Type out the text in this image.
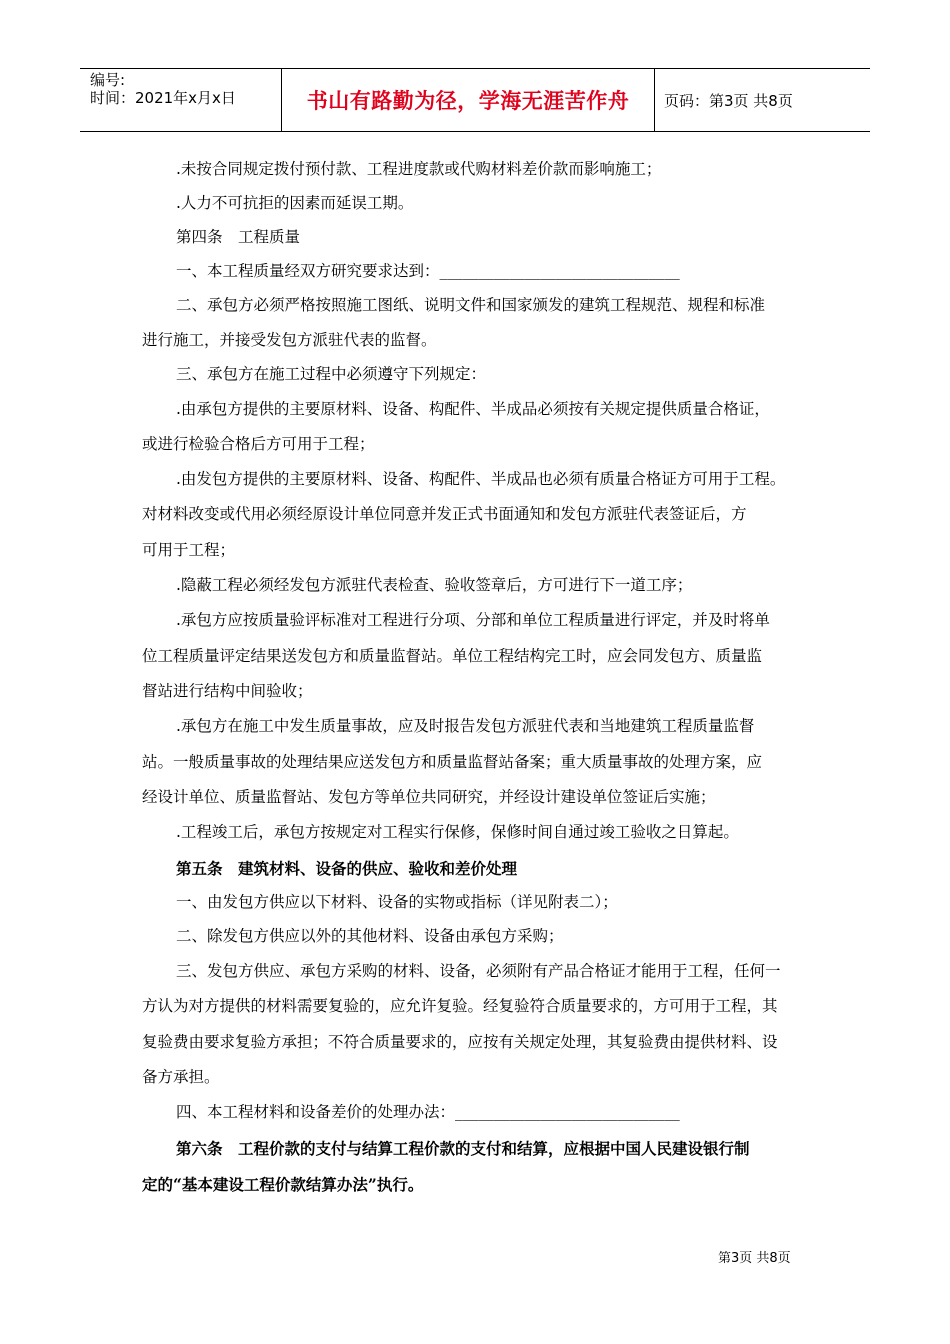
编号:
时间：2021年x月x日	书山有路勤为径，学海无涯苦作舟 页码：第3页 共8页
.未按合同规定拨付预付款、工程进度款或代购材料差价款而影响施工；
.人力不可抗拒的因素而延误工期。
第四条　工程质量
一、本工程质量经双方研究要求达到：_______________________________
二、承包方必须严格按照施工图纸、说明文件和国家颁发的建筑工程规范、规程和标准
进行施工，并接受发包方派驻代表的监督。
三、承包方在施工过程中必须遵守下列规定：
.由承包方提供的主要原材料、设备、构配件、半成品必须按有关规定提供质量合格证，
或进行检验合格后方可用于工程；
.由发包方提供的主要原材料、设备、构配件、半成品也必须有质量合格证方可用于工程。
对材料改变或代用必须经原设计单位同意并发正式书面通知和发包方派驻代表签证后，方
可用于工程；
.隐蔽工程必须经发包方派驻代表检查、验收签章后，方可进行下一道工序；
.承包方应按质量验评标准对工程进行分项、分部和单位工程质量进行评定，并及时将单
位工程质量评定结果送发包方和质量监督站。单位工程结构完工时，应会同发包方、质量监
督站进行结构中间验收；
.承包方在施工中发生质量事故，应及时报告发包方派驻代表和当地建筑工程质量监督
站。一般质量事故的处理结果应送发包方和质量监督站备案；重大质量事故的处理方案，应
经设计单位、质量监督站、发包方等单位共同研究，并经设计建设单位签证后实施；
.工程竣工后，承包方按规定对工程实行保修，保修时间自通过竣工验收之日算起。
第五条　建筑材料、设备的供应、验收和差价处理
一、由发包方供应以下材料、设备的实物或指标（详见附表二）；
二、除发包方供应以外的其他材料、设备由承包方采购；
三、发包方供应、承包方采购的材料、设备，必须附有产品合格证才能用于工程，任何一
方认为对方提供的材料需要复验的，应允许复验。经复验符合质量要求的，方可用于工程，其
复验费由要求复验方承担；不符合质量要求的，应按有关规定处理，其复验费由提供材料、设
备方承担。
四、本工程材料和设备差价的处理办法：_____________________________
第六条　工程价款的支付与结算工程价款的支付和结算，应根据中国人民建设银行制
定的“基本建设工程价款结算办法”执行。
第3页 共8页
